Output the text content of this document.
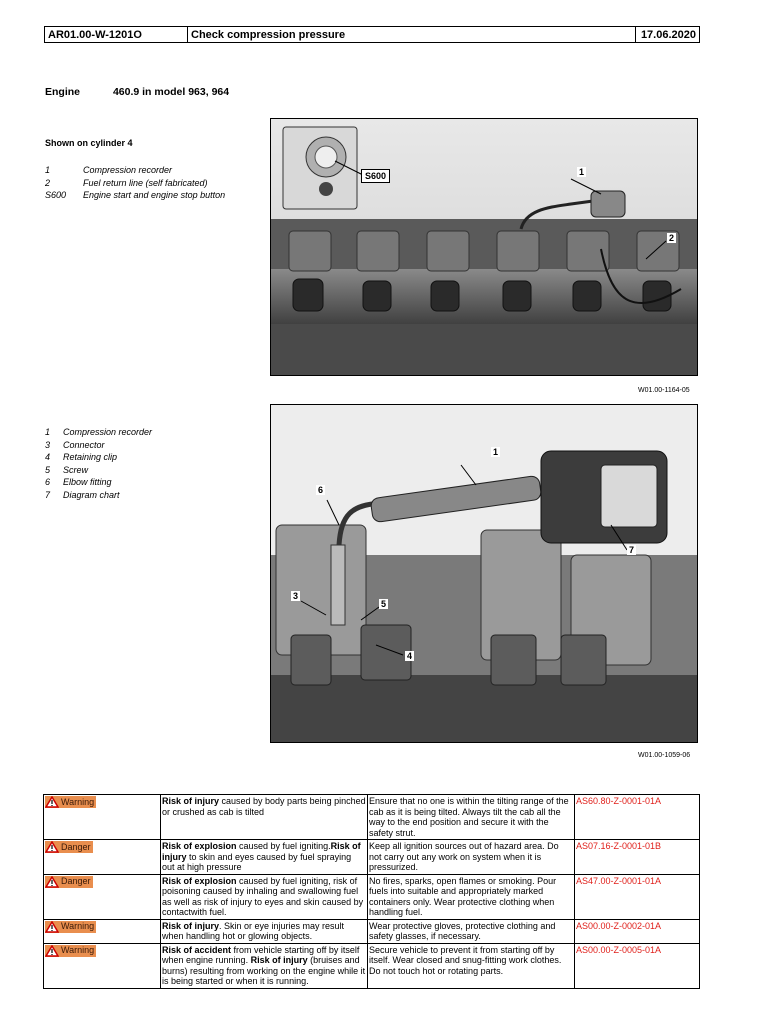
AR01.00-W-1201O	Check compression pressure	17.06.2020
Engine	460.9 in model 963, 964
Shown on cylinder 4
1	Compression recorder
2	Fuel return line (self fabricated)
S600	Engine start and engine stop button
S600	1
2
W01.00-1164-05
1	Compression recorder
3	Connector
4	Retaining clip
5	Screw
6	Elbow fitting
7	Diagram chart
1
6
7
3
5
4
W01.00-1059-06
Warning	Risk of injury caused by body parts being pinched or crushed as cab is tilted	Ensure that no one is within the tilting range of the cab as it is being tilted. Always tilt the cab all the way to the end position and secure it with the safety strut.	AS60.80-Z-0001-01A

Danger	Risk of explosion caused by fuel igniting.Risk of injury to skin and eyes caused by fuel spraying out at high pressure	Keep all ignition sources out of hazard area. Do not carry out any work on system when it is pressurized.	AS07.16-Z-0001-01B

Danger	Risk of explosion caused by fuel igniting, risk of poisoning caused by inhaling and swallowing fuel as well as risk of injury to eyes and skin caused by contactwith fuel.	No fires, sparks, open flames or smoking. Pour fuels into suitable and appropriately marked containers only. Wear protective clothing when handling fuel.	AS47.00-Z-0001-01A

Warning	Risk of injury. Skin or eye injuries may result when handling hot or glowing objects.	Wear protective gloves, protective clothing and safety glasses, if necessary.	AS00.00-Z-0002-01A

Warning	Risk of accident from vehicle starting off by itself when engine running. Risk of injury (bruises and burns) resulting from working on the engine while it is being started or when it is running.	Secure vehicle to prevent it from starting off by itself. Wear closed and snug-fitting work clothes. Do not touch hot or rotating parts.	AS00.00-Z-0005-01A
